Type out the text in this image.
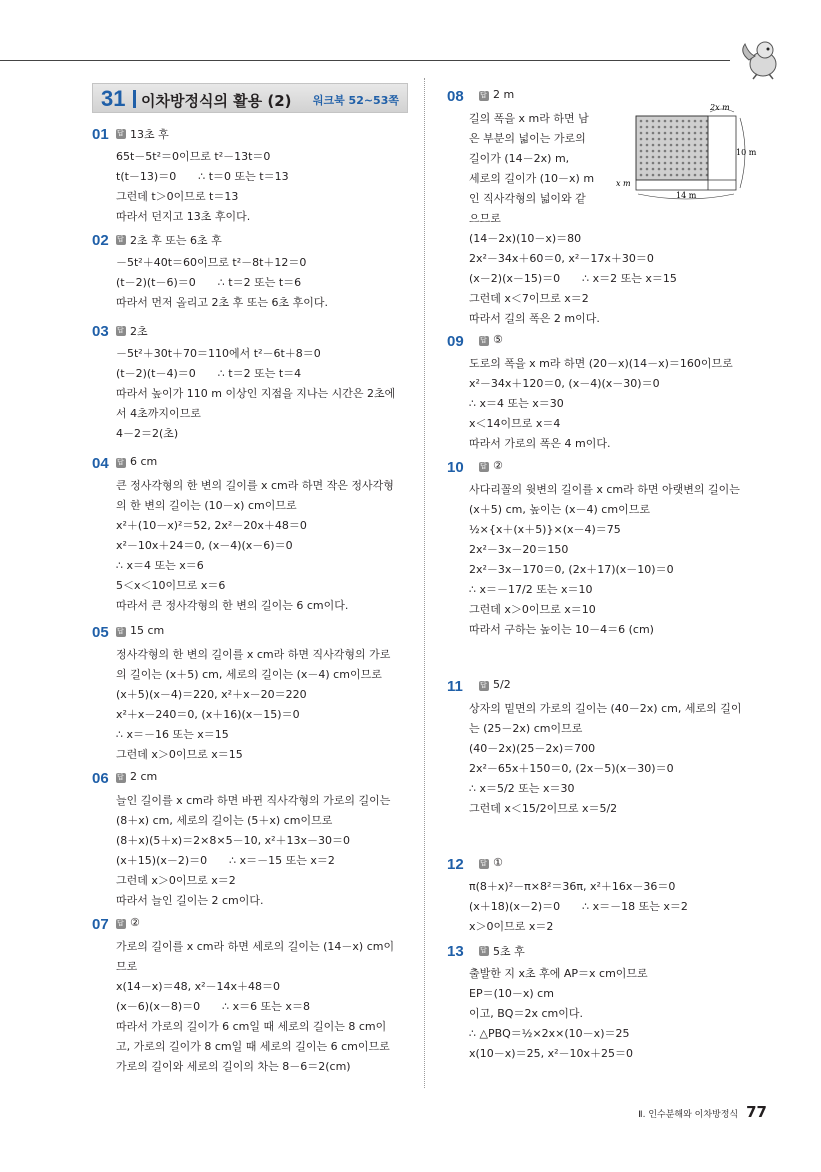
31 이차방정식의 활용 (2) 워크북 52~53쪽
01 답 13초 후
65t－5t²＝0이므로 t²－13t＝0
t(t－13)＝0　　∴ t＝0 또는 t＝13
그런데 t＞0이므로 t＝13
따라서 던지고 13초 후이다.
02 답 2초 후 또는 6초 후
－5t²＋40t＝60이므로 t²－8t＋12＝0
(t－2)(t－6)＝0　　∴ t＝2 또는 t＝6
따라서 먼저 올리고 2초 후 또는 6초 후이다.
03 답 2초
－5t²＋30t＋70＝110에서 t²－6t＋8＝0
(t－2)(t－4)＝0　　∴ t＝2 또는 t＝4
따라서 높이가 110 m 이상인 지점을 지나는 시간은 2초에
서 4초까지이므로
4－2＝2(초)
04 답 6 cm
큰 정사각형의 한 변의 길이를 x cm라 하면 작은 정사각형
의 한 변의 길이는 (10－x) cm이므로
x²＋(10－x)²＝52, 2x²－20x＋48＝0
x²－10x＋24＝0, (x－4)(x－6)＝0
∴ x＝4 또는 x＝6
5＜x＜10이므로 x＝6
따라서 큰 정사각형의 한 변의 길이는 6 cm이다.
05 답 15 cm
정사각형의 한 변의 길이를 x cm라 하면 직사각형의 가로
의 길이는 (x＋5) cm, 세로의 길이는 (x－4) cm이므로
(x＋5)(x－4)＝220, x²＋x－20＝220
x²＋x－240＝0, (x＋16)(x－15)＝0
∴ x＝－16 또는 x＝15
그런데 x＞0이므로 x＝15
06 답 2 cm
늘인 길이를 x cm라 하면 바뀐 직사각형의 가로의 길이는
(8＋x) cm, 세로의 길이는 (5＋x) cm이므로
(8＋x)(5＋x)＝2×8×5－10, x²＋13x－30＝0
(x＋15)(x－2)＝0　　∴ x＝－15 또는 x＝2
그런데 x＞0이므로 x＝2
따라서 늘인 길이는 2 cm이다.
07 답 ②
가로의 길이를 x cm라 하면 세로의 길이는 (14－x) cm이
므로
x(14－x)＝48, x²－14x＋48＝0
(x－6)(x－8)＝0　　∴ x＝6 또는 x＝8
따라서 가로의 길이가 6 cm일 때 세로의 길이는 8 cm이
고, 가로의 길이가 8 cm일 때 세로의 길이는 6 cm이므로
가로의 길이와 세로의 길이의 차는 8－6＝2(cm)
08 답	2 m
길의 폭을 x m라 하면 남
은 부분의 넓이는 가로의
길이가 (14－2x) m,
세로의 길이가 (10－x) m
인 직사각형의 넓이와 같
으므로
(14－2x)(10－x)＝80
2x²－34x＋60＝0, x²－17x＋30＝0
(x－2)(x－15)＝0　　∴ x＝2 또는 x＝15
그런데 x＜7이므로 x＝2
따라서 길의 폭은 2 m이다.
09 답	⑤
도로의 폭을 x m라 하면 (20－x)(14－x)＝160이므로
x²－34x＋120＝0, (x－4)(x－30)＝0
∴ x＝4 또는 x＝30
x＜14이므로 x＝4
따라서 가로의 폭은 4 m이다.
10 답	②
사다리꼴의 윗변의 길이를 x cm라 하면 아랫변의 길이는
(x＋5) cm, 높이는 (x－4) cm이므로
½×{x＋(x＋5)}×(x－4)＝75
2x²－3x－20＝150
2x²－3x－170＝0, (2x＋17)(x－10)＝0
∴ x＝－17/2 또는 x＝10
그런데 x＞0이므로 x＝10
따라서 구하는 높이는 10－4＝6 (cm)
11 답	5/2
상자의 밑면의 가로의 길이는 (40－2x) cm, 세로의 길이
는 (25－2x) cm이므로
(40－2x)(25－2x)＝700
2x²－65x＋150＝0, (2x－5)(x－30)＝0
∴ x＝5/2 또는 x＝30
그런데 x＜15/2이므로 x＝5/2
12 답	①
π(8＋x)²－π×8²＝36π, x²＋16x－36＝0
(x＋18)(x－2)＝0　　∴ x＝－18 또는 x＝2
x＞0이므로 x＝2
13 답	5초 후
출발한 지 x초 후에 AP＝x cm이므로
EP＝(10－x) cm
이고, BQ＝2x cm이다.
∴ △PBQ＝½×2x×(10－x)＝25
x(10－x)＝25, x²－10x＋25＝0
2x m
10 m
x m
14 m
Ⅱ. 인수분해와 이차방정식 77
